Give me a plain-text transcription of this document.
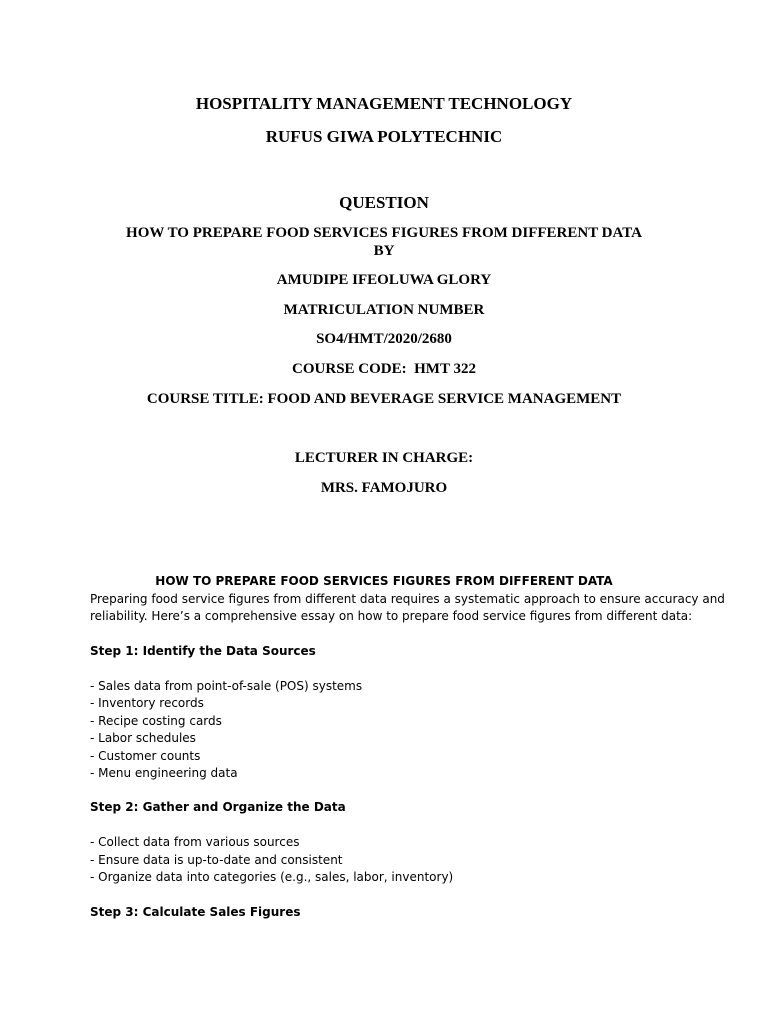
HOSPITALITY MANAGEMENT TECHNOLOGY
RUFUS GIWA POLYTECHNIC
QUESTION
HOW TO PREPARE FOOD SERVICES FIGURES FROM DIFFERENT DATA
BY
AMUDIPE IFEOLUWA GLORY
MATRICULATION NUMBER
SO4/HMT/2020/2680
COURSE CODE:  HMT 322
COURSE TITLE: FOOD AND BEVERAGE SERVICE MANAGEMENT
LECTURER IN CHARGE:
MRS. FAMOJURO
HOW TO PREPARE FOOD SERVICES FIGURES FROM DIFFERENT DATA
Preparing food service figures from different data requires a systematic approach to ensure accuracy and
reliability. Here’s a comprehensive essay on how to prepare food service figures from different data:
Step 1: Identify the Data Sources
- Sales data from point-of-sale (POS) systems
- Inventory records
- Recipe costing cards
- Labor schedules
- Customer counts
- Menu engineering data
Step 2: Gather and Organize the Data
- Collect data from various sources
- Ensure data is up-to-date and consistent
- Organize data into categories (e.g., sales, labor, inventory)
Step 3: Calculate Sales Figures
